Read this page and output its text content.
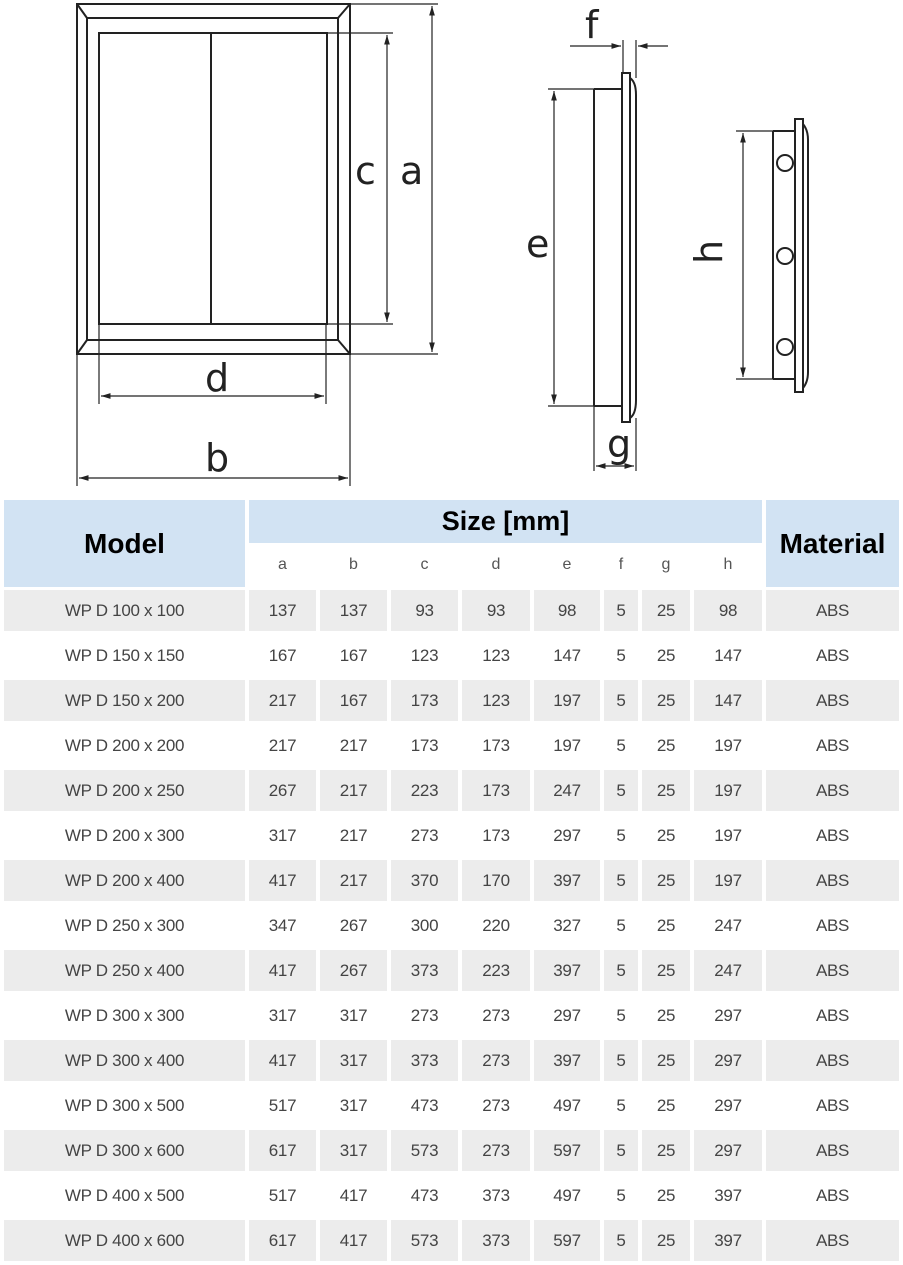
c a
d
b
e
f
g
h
Model
Size [mm]
Material
a	b	c	d	e	f	g	h
WP D 100 x 100	137	137	93	93	98	5	25	98	ABS
WP D 150 x 150	167	167	123	123	147	5	25	147	ABS
WP D 150 x 200	217	167	173	123	197	5	25	147	ABS
WP D 200 x 200	217	217	173	173	197	5	25	197	ABS
WP D 200 x 250	267	217	223	173	247	5	25	197	ABS
WP D 200 x 300	317	217	273	173	297	5	25	197	ABS
WP D 200 x 400	417	217	370	170	397	5	25	197	ABS
WP D 250 x 300	347	267	300	220	327	5	25	247	ABS
WP D 250 x 400	417	267	373	223	397	5	25	247	ABS
WP D 300 x 300	317	317	273	273	297	5	25	297	ABS
WP D 300 x 400	417	317	373	273	397	5	25	297	ABS
WP D 300 x 500	517	317	473	273	497	5	25	297	ABS
WP D 300 x 600	617	317	573	273	597	5	25	297	ABS
WP D 400 x 500	517	417	473	373	497	5	25	397	ABS
WP D 400 x 600	617	417	573	373	597	5	25	397	ABS
